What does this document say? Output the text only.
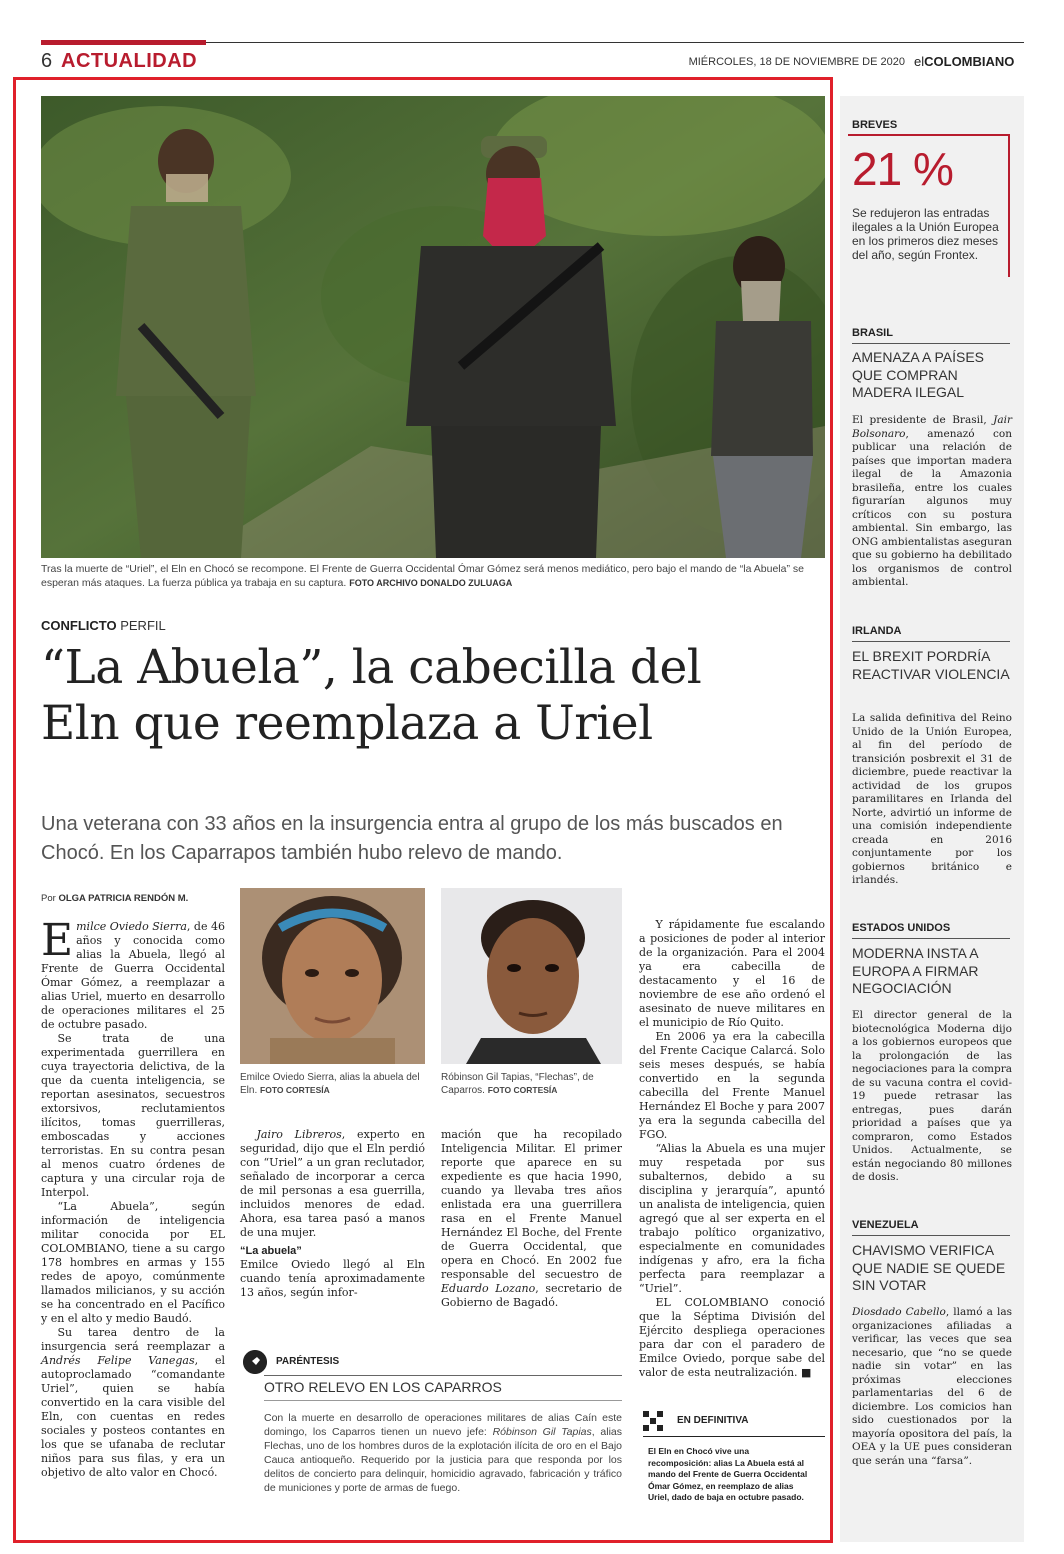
6 ACTUALIDAD	MIÉRCOLES, 18 DE NOVIEMBRE DE 2020 elCOLOMBIANO
Tras la muerte de “Uriel”, el Eln en Chocó se recompone. El Frente de Guerra Occidental Ómar Gómez será menos mediático, pero bajo el mando de “la Abuela” se esperan más ataques. La fuerza pública ya trabaja en su captura. FOTO ARCHIVO DONALDO ZULUAGA
CONFLICTO PERFIL
“La Abuela”, la cabecilla del
Eln que reemplaza a Uriel
Una veterana con 33 años en la insurgencia entra al grupo de los más buscados en Chocó. En los Caparrapos también hubo relevo de mando.
Por OLGA PATRICIA RENDÓN M.

Emilce Oviedo Sierra, de 46 años y conocida como alias la Abuela, llegó al Frente de Guerra Occidental Ómar Gómez, a reemplazar a alias Uriel, muerto en desarrollo de operaciones militares el 25 de octubre pasado.

Se trata de una experimentada guerrillera en cuya trayectoria delictiva, de la que da cuenta inteligencia, se reportan asesinatos, secuestros extorsivos, reclutamientos ilícitos, tomas guerrilleras, emboscadas y acciones terroristas. En su contra pesan al menos cuatro órdenes de captura y una circular roja de Interpol.

“La Abuela”, según información de inteligencia militar conocida por EL COLOMBIANO, tiene a su cargo 178 hombres en armas y 155 redes de apoyo, comúnmente llamados milicianos, y su acción se ha concentrado en el Pacífico y en el alto y medio Baudó.

Su tarea dentro de la insurgencia será reemplazar a Andrés Felipe Vanegas, el autoproclamado “comandante Uriel”, quien se había convertido en la cara visible del Eln, con cuentas en redes sociales y posteos contantes en los que se ufanaba de reclutar niños para sus filas, y era un objetivo de alto valor en Chocó.

Emilce Oviedo Sierra, alias la abuela del Eln. FOTO CORTESÍA
Róbinson Gil Tapias, “Flechas”, de Caparros. FOTO CORTESÍA

Jairo Libreros, experto en seguridad, dijo que el Eln perdió con “Uriel” a un gran reclutador, señalado de incorporar a cerca de mil personas a esa guerrilla, incluidos menores de edad. Ahora, esa tarea pasó a manos de una mujer.

“La abuela”

Emilce Oviedo llegó al Eln cuando tenía aproximadamente 13 años, según infor-

mación que ha recopilado Inteligencia Militar. El primer reporte que aparece en su expediente es que hacia 1990, cuando ya llevaba tres años enlistada era una guerrillera rasa en el Frente Manuel Hernández El Boche, del Frente de Guerra Occidental, que opera en Chocó. En 2002 fue responsable del secuestro de Eduardo Lozano, secretario de Gobierno de Bagadó.

Y rápidamente fue escalando a posiciones de poder al interior de la organización. Para el 2004 ya era cabecilla de destacamento y el 16 de noviembre de ese año ordenó el asesinato de nueve militares en el municipio de Río Quito.

En 2006 ya era la cabecilla del Frente Cacique Calarcá. Solo seis meses después, se había convertido en la segunda cabecilla del Frente Manuel Hernández El Boche y para 2007 ya era la segunda cabecilla del FGO.

“Alias la Abuela es una mujer muy respetada por sus subalternos, debido a su disciplina y jerarquía”, apuntó un analista de inteligencia, quien agregó que al ser experta en el trabajo político organizativo, especialmente en comunidades indígenas y afro, era la ficha perfecta para reemplazar a “Uriel”.

EL COLOMBIANO conoció que la Séptima División del Ejército despliega operaciones para dar con el paradero de Emilce Oviedo, porque sabe del valor de esta neutralización. ■

PARÉNTESIS
OTRO RELEVO EN LOS CAPARROS
Con la muerte en desarrollo de operaciones militares de alias Caín este domingo, los Caparros tienen un nuevo jefe: Róbinson Gil Tapias, alias Flechas, uno de los hombres duros de la explotación ilícita de oro en el Bajo Cauca antioqueño. Requerido por la justicia para que responda por los delitos de concierto para delinquir, homicidio agravado, fabricación y tráfico de municiones y porte de armas de fuego.
EN DEFINITIVA
El Eln en Chocó vive una recomposición: alias La Abuela está al mando del Frente de Guerra Occidental Ómar Gómez, en reemplazo de alias Uriel, dado de baja en octubre pasado.
BREVES
21 %
Se redujeron las entradas ilegales a la Unión Europea en los primeros diez meses del año, según Frontex.
BRASIL
AMENAZA A PAÍSES QUE COMPRAN MADERA ILEGAL
El presidente de Brasil, Jair Bolsonaro, amenazó con publicar una relación de países que importan madera ilegal de la Amazonia brasileña, entre los cuales figurarían algunos muy críticos con su postura ambiental. Sin embargo, las ONG ambientalistas aseguran que su gobierno ha debilitado los organismos de control ambiental.
IRLANDA
EL BREXIT PORDRÍA REACTIVAR VIOLENCIA
La salida definitiva del Reino Unido de la Unión Europea, al fin del período de transición posbrexit el 31 de diciembre, puede reactivar la actividad de los grupos paramilitares en Irlanda del Norte, advirtió un informe de una comisión independiente creada en 2016 conjuntamente por los gobiernos británico e irlandés.
ESTADOS UNIDOS
MODERNA INSTA A EUROPA A FIRMAR NEGOCIACIÓN
El director general de la biotecnológica Moderna dijo a los gobiernos europeos que la prolongación de las negociaciones para la compra de su vacuna contra el covid-19 puede retrasar las entregas, pues darán prioridad a países que ya compraron, como Estados Unidos. Actualmente, se están negociando 80 millones de dosis.
VENEZUELA
CHAVISMO VERIFICA QUE NADIE SE QUEDE SIN VOTAR
Diosdado Cabello, llamó a las organizaciones afiliadas a verificar, las veces que sea necesario, que “no se quede nadie sin votar” en las próximas elecciones parlamentarias del 6 de diciembre. Los comicios han sido cuestionados por la mayoría opositora del país, la OEA y la UE pues consideran que serán una “farsa”.
